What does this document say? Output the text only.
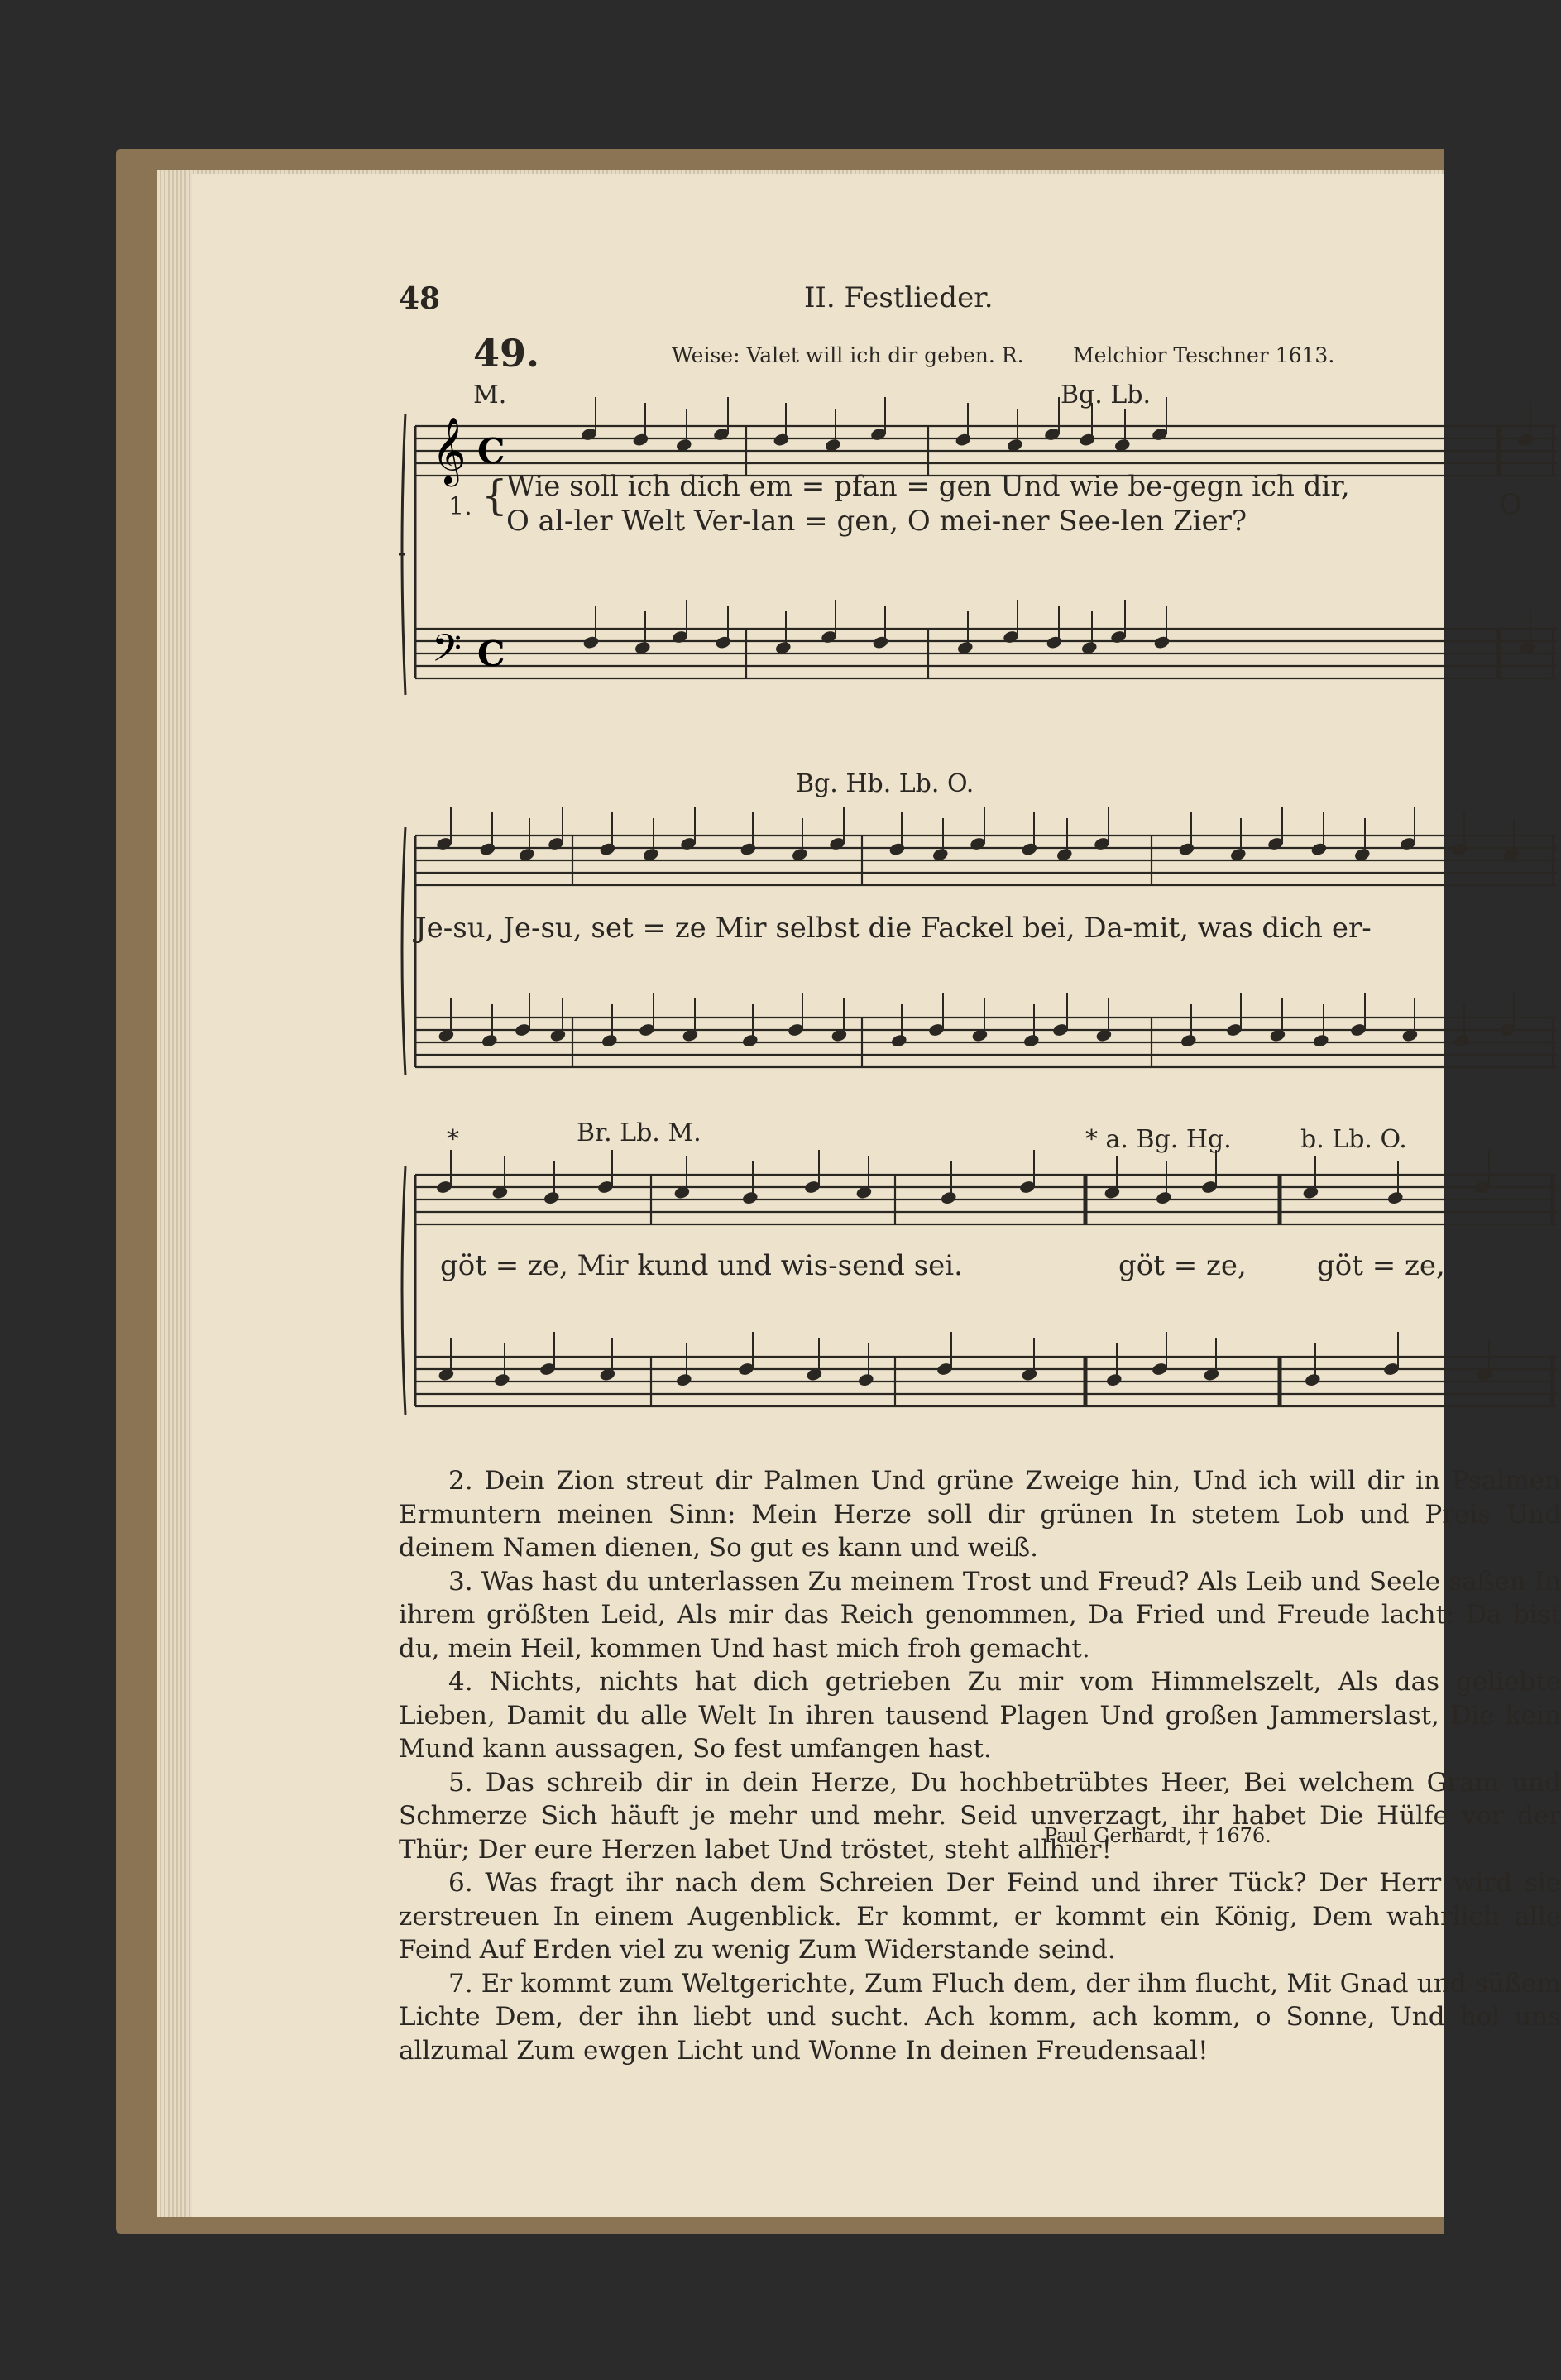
48	II. Festlieder.
49.	Weise: Valet will ich dir geben. R. Melchior Teschner 1613.
M.	Bg. Lb.
𝄞 C
𝄢 C
1. {
Wie soll ich dich em = pfan = gen Und wie be-gegn ich dir,
O al-ler Welt Ver-lan = gen, O mei-ner See-len Zier?	O
Bg. Hb. Lb. O.
Je-su, Je-su, set = ze Mir selbst die Fackel bei, Da-mit, was dich er-
*	Br. Lb. M.	* a. Bg. Hg.	b. Lb. O.
göt = ze, Mir kund und wis-send sei.	göt = ze,	göt = ze,

2. Dein Zion streut dir Palmen Und grüne Zweige hin, Und ich will dir in Psalmen Ermuntern meinen Sinn: Mein Herze soll dir grünen In stetem Lob und Preis Und deinem Namen dienen, So gut es kann und weiß.

3. Was hast du unterlassen Zu meinem Trost und Freud? Als Leib und Seele saßen In ihrem größten Leid, Als mir das Reich genommen, Da Fried und Freude lacht: Da bist du, mein Heil, kommen Und hast mich froh gemacht.

4. Nichts, nichts hat dich getrieben Zu mir vom Himmelszelt, Als das geliebte Lieben, Damit du alle Welt In ihren tausend Plagen Und großen Jammerslast, Die kein Mund kann aussagen, So fest umfangen hast.

5. Das schreib dir in dein Herze, Du hochbetrübtes Heer, Bei welchem Gram und Schmerze Sich häuft je mehr und mehr. Seid unverzagt, ihr habet Die Hülfe vor der Thür; Der eure Herzen labet Und tröstet, steht allhier!

6. Was fragt ihr nach dem Schreien Der Feind und ihrer Tück? Der Herr wird sie zerstreuen In einem Augenblick. Er kommt, er kommt ein König, Dem wahrlich alle Feind Auf Erden viel zu wenig Zum Widerstande seind.

7. Er kommt zum Weltgerichte, Zum Fluch dem, der ihm flucht, Mit Gnad und süßem Lichte Dem, der ihn liebt und sucht. Ach komm, ach komm, o Sonne, Und hol uns allzumal Zum ewgen Licht und Wonne In deinen Freudensaal!

Paul Gerhardt, † 1676.
